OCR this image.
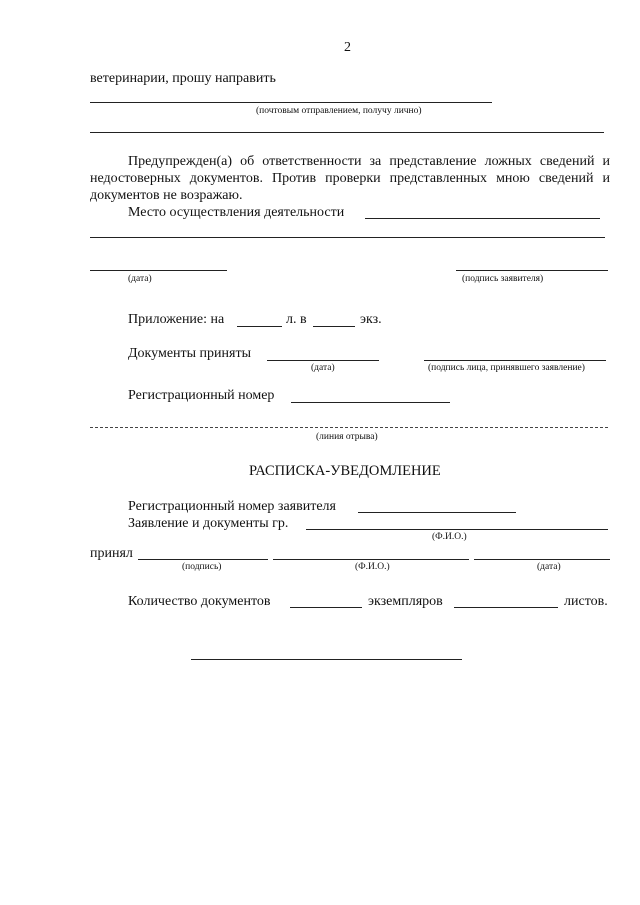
2
ветеринарии, прошу направить
(почтовым отправлением, получу лично)
Предупрежден(а) об ответственности за представление ложных сведений и недостоверных документов. Против проверки представленных мною сведений и документов не возражаю.
Место осуществления деятельности
(дата)	(подпись заявителя)
Приложение: на	л. в	экз.
Документы приняты
(дата)	(подпись лица, принявшего заявление)
Регистрационный номер
(линия отрыва)
РАСПИСКА-УВЕДОМЛЕНИЕ
Регистрационный номер заявителя
Заявление и документы гр.
(Ф.И.О.)
принял
(подпись)	(Ф.И.О.)	(дата)
Количество документов	экземпляров	листов.
